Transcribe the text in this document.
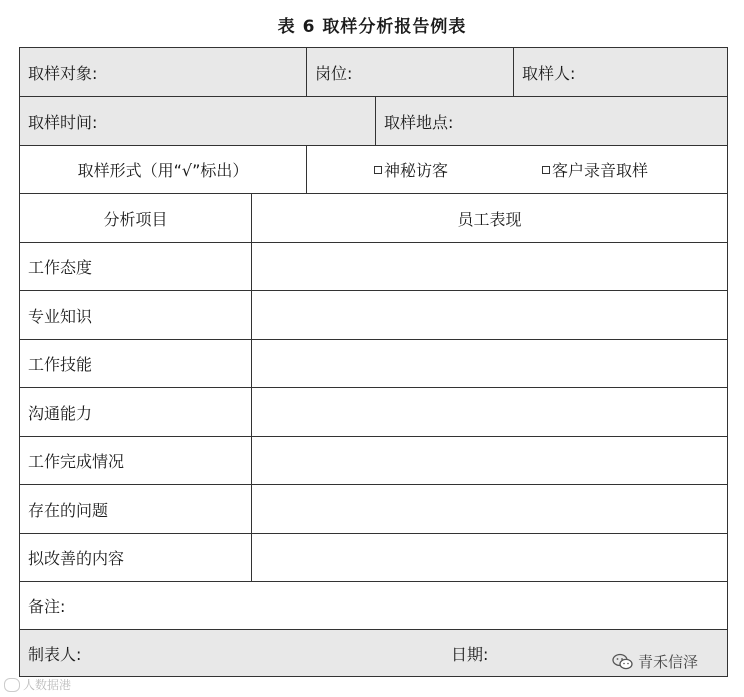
表 6 取样分析报告例表
取样对象:	岗位:	取样人:
取样时间:	取样地点:
取样形式（用“√”标出）	神秘访客	客户录音取样
分析项目	员工表现
工作态度
专业知识
工作技能
沟通能力
工作完成情况
存在的问题
拟改善的内容
备注:
制表人:	日期:	青禾信泽
人数据港
